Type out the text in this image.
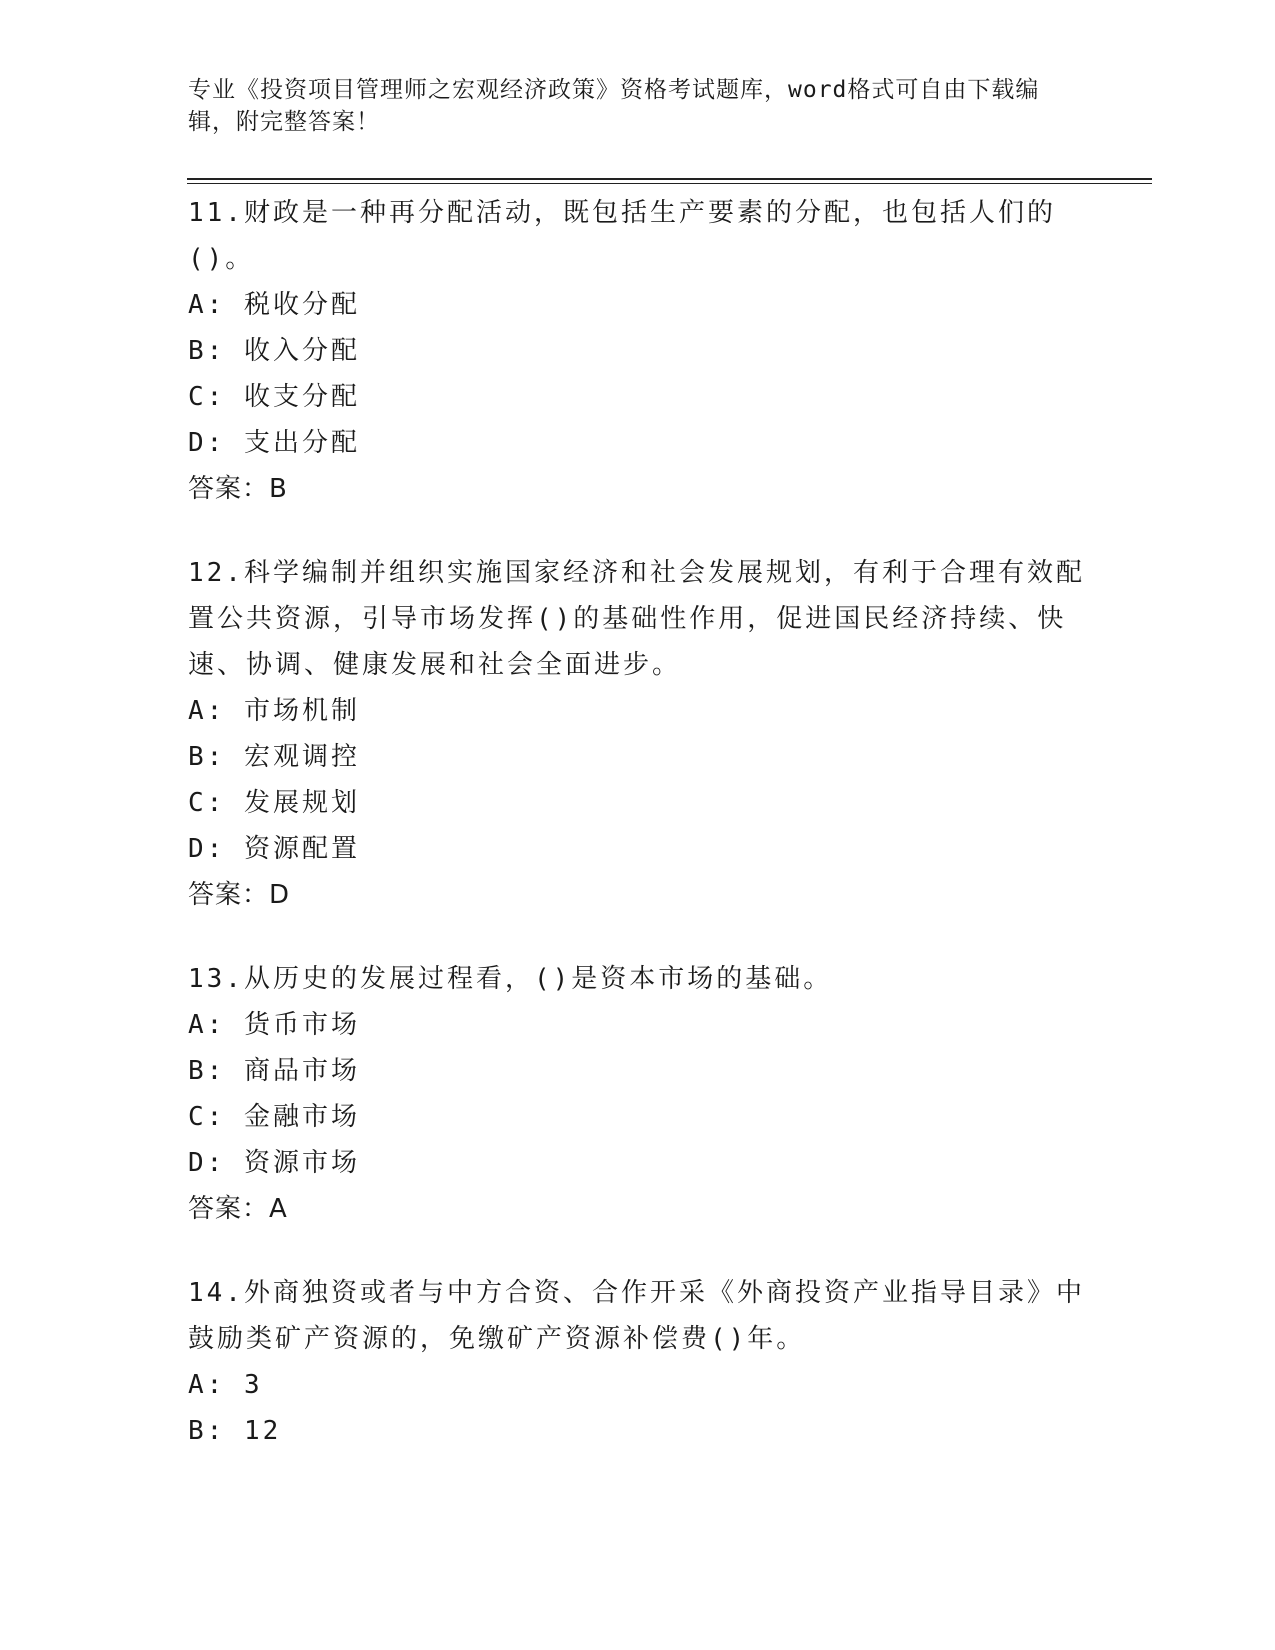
专业《投资项目管理师之宏观经济政策》资格考试题库，word格式可自由下载编辑，附完整答案！

11.财政是一种再分配活动，既包括生产要素的分配，也包括人们的()。

A: 税收分配

B: 收入分配

C: 收支分配

D: 支出分配

答案：B

12.科学编制并组织实施国家经济和社会发展规划，有利于合理有效配置公共资源，引导市场发挥()的基础性作用，促进国民经济持续、快速、协调、健康发展和社会全面进步。

A: 市场机制

B: 宏观调控

C: 发展规划

D: 资源配置

答案：D

13.从历史的发展过程看，()是资本市场的基础。

A: 货币市场

B: 商品市场

C: 金融市场

D: 资源市场

答案：A

14.外商独资或者与中方合资、合作开采《外商投资产业指导目录》中鼓励类矿产资源的，免缴矿产资源补偿费()年。

A: 3

B: 12
